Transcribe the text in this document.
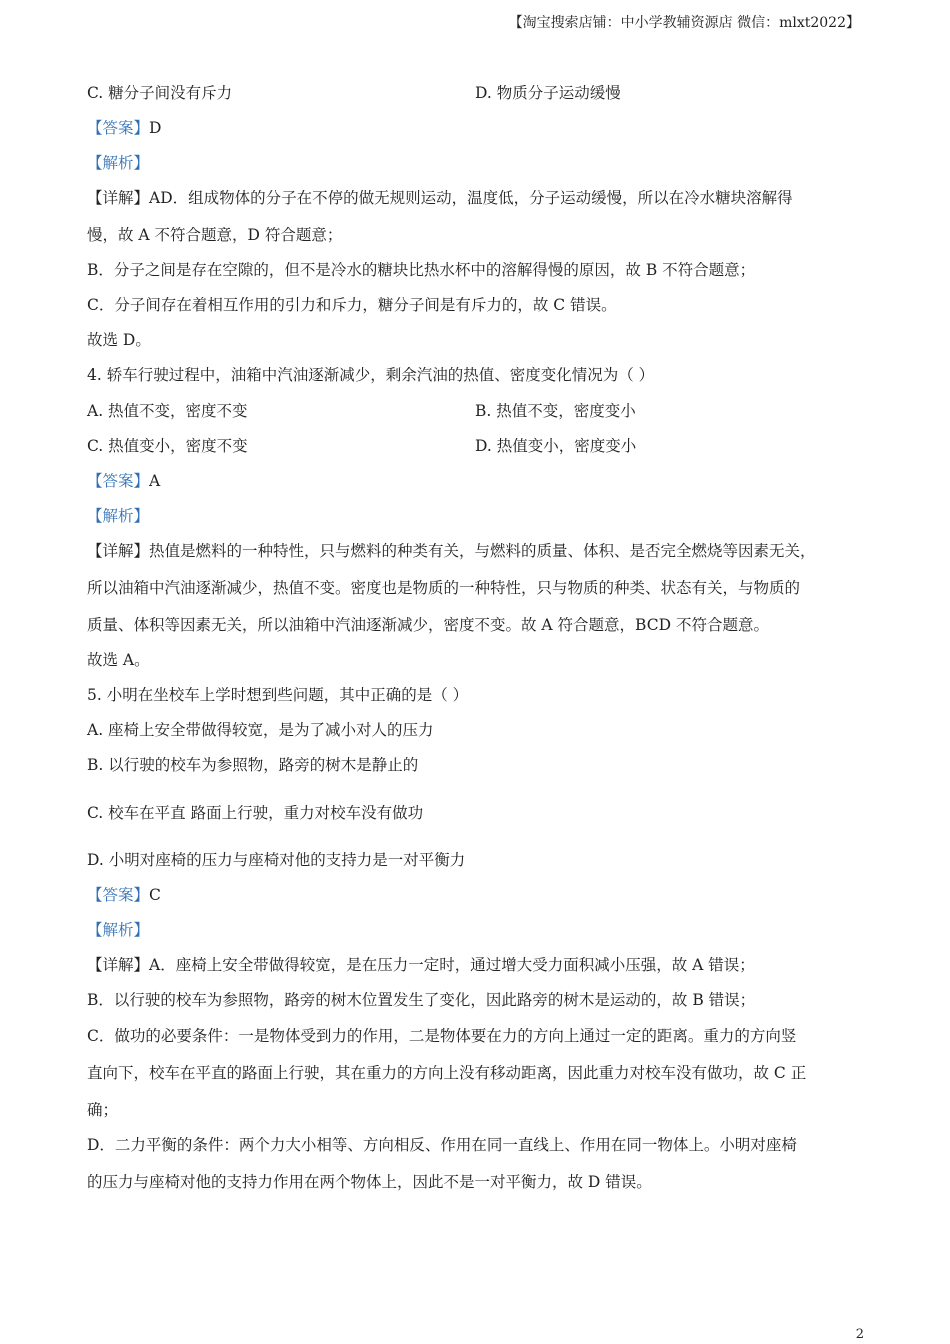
【淘宝搜索店铺：中小学教辅资源店 微信：mlxt2022】
C. 糖分子间没有斥力	D. 物质分子运动缓慢
【答案】D
【解析】
【详解】AD．组成物体的分子在不停的做无规则运动，温度低，分子运动缓慢，所以在冷水糖块溶解得
慢，故 A 不符合题意，D 符合题意；
B．分子之间是存在空隙的，但不是冷水的糖块比热水杯中的溶解得慢的原因，故 B 不符合题意；
C．分子间存在着相互作用的引力和斥力，糖分子间是有斥力的，故 C 错误。
故选 D。
4. 轿车行驶过程中，油箱中汽油逐渐减少，剩余汽油的热值、密度变化情况为（ ）
A. 热值不变，密度不变	B. 热值不变，密度变小
C. 热值变小，密度不变	D. 热值变小，密度变小
【答案】A
【解析】
【详解】热值是燃料的一种特性，只与燃料的种类有关，与燃料的质量、体积、是否完全燃烧等因素无关，
所以油箱中汽油逐渐减少，热值不变。密度也是物质的一种特性，只与物质的种类、状态有关，与物质的
质量、体积等因素无关，所以油箱中汽油逐渐减少，密度不变。故 A 符合题意，BCD 不符合题意。
故选 A。
5. 小明在坐校车上学时想到些问题，其中正确的是（ ）
A. 座椅上安全带做得较宽，是为了减小对人的压力
B. 以行驶的校车为参照物，路旁的树木是静止的
C. 校车在平直 路面上行驶，重力对校车没有做功
D. 小明对座椅的压力与座椅对他的支持力是一对平衡力
【答案】C
【解析】
【详解】A．座椅上安全带做得较宽，是在压力一定时，通过增大受力面积减小压强，故 A 错误；
B．以行驶的校车为参照物，路旁的树木位置发生了变化，因此路旁的树木是运动的，故 B 错误；
C．做功的必要条件：一是物体受到力的作用，二是物体要在力的方向上通过一定的距离。重力的方向竖
直向下，校车在平直的路面上行驶，其在重力的方向上没有移动距离，因此重力对校车没有做功，故 C 正
确；
D．二力平衡的条件：两个力大小相等、方向相反、作用在同一直线上、作用在同一物体上。小明对座椅
的压力与座椅对他的支持力作用在两个物体上，因此不是一对平衡力，故 D 错误。
2
